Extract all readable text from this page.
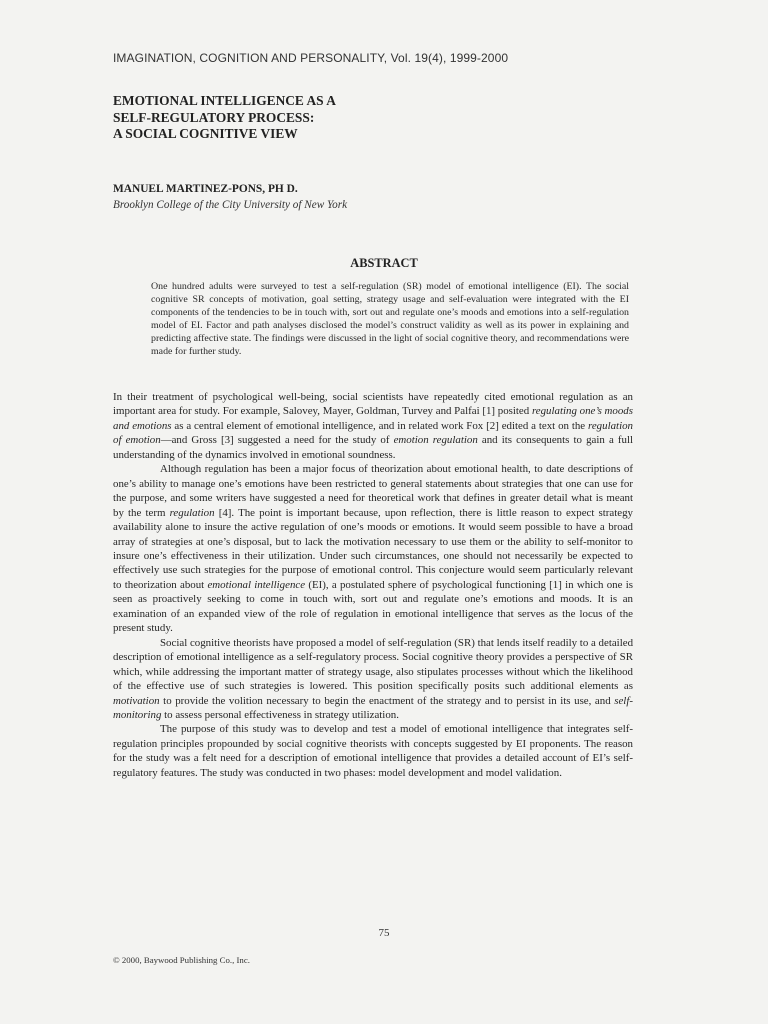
IMAGINATION, COGNITION AND PERSONALITY, Vol. 19(4), 1999-2000
EMOTIONAL INTELLIGENCE AS A
SELF-REGULATORY PROCESS:
A SOCIAL COGNITIVE VIEW
MANUEL MARTINEZ-PONS, PH D.
Brooklyn College of the City University of New York
ABSTRACT
One hundred adults were surveyed to test a self-regulation (SR) model of emotional intelligence (EI). The social cognitive SR concepts of motivation, goal setting, strategy usage and self-evaluation were integrated with the EI components of the tendencies to be in touch with, sort out and regulate one’s moods and emotions into a self-regulation model of EI. Factor and path analyses disclosed the model’s construct validity as well as its power in explaining and predicting affective state. The findings were discussed in the light of social cognitive theory, and recommendations were made for further study.

In their treatment of psychological well-being, social scientists have repeatedly cited emotional regulation as an important area for study. For example, Salovey, Mayer, Goldman, Turvey and Palfai [1] posited regulating one’s moods and emotions as a central element of emotional intelligence, and in related work Fox [2] edited a text on the regulation of emotion—and Gross [3] suggested a need for the study of emotion regulation and its consequents to gain a full understanding of the dynamics involved in emotional soundness.

Although regulation has been a major focus of theorization about emotional health, to date descriptions of one’s ability to manage one’s emotions have been restricted to general statements about strategies that one can use for the purpose, and some writers have suggested a need for theoretical work that defines in greater detail what is meant by the term regulation [4]. The point is important because, upon reflection, there is little reason to expect strategy availability alone to insure the active regulation of one’s moods or emotions. It would seem possible to have a broad array of strategies at one’s disposal, but to lack the motivation necessary to use them or the ability to self-monitor to insure one’s effectiveness in their utilization. Under such circumstances, one should not necessarily be expected to effectively use such strategies for the purpose of emotional control. This conjecture would seem particularly relevant to theorization about emotional intelligence (EI), a postulated sphere of psychological functioning [1] in which one is seen as proactively seeking to come in touch with, sort out and regulate one’s emotions and moods. It is an examination of an expanded view of the role of regulation in emotional intelligence that serves as the locus of the present study.

Social cognitive theorists have proposed a model of self-regulation (SR) that lends itself readily to a detailed description of emotional intelligence as a self-regulatory process. Social cognitive theory provides a perspective of SR which, while addressing the important matter of strategy usage, also stipulates processes without which the likelihood of the effective use of such strategies is lowered. This position specifically posits such additional elements as motivation to provide the volition necessary to begin the enactment of the strategy and to persist in its use, and self-monitoring to assess personal effectiveness in strategy utilization.

The purpose of this study was to develop and test a model of emotional intelligence that integrates self-regulation principles propounded by social cognitive theorists with concepts suggested by EI proponents. The reason for the study was a felt need for a description of emotional intelligence that provides a detailed account of EI’s self-regulatory features. The study was conducted in two phases: model development and model validation.

75
© 2000, Baywood Publishing Co., Inc.
